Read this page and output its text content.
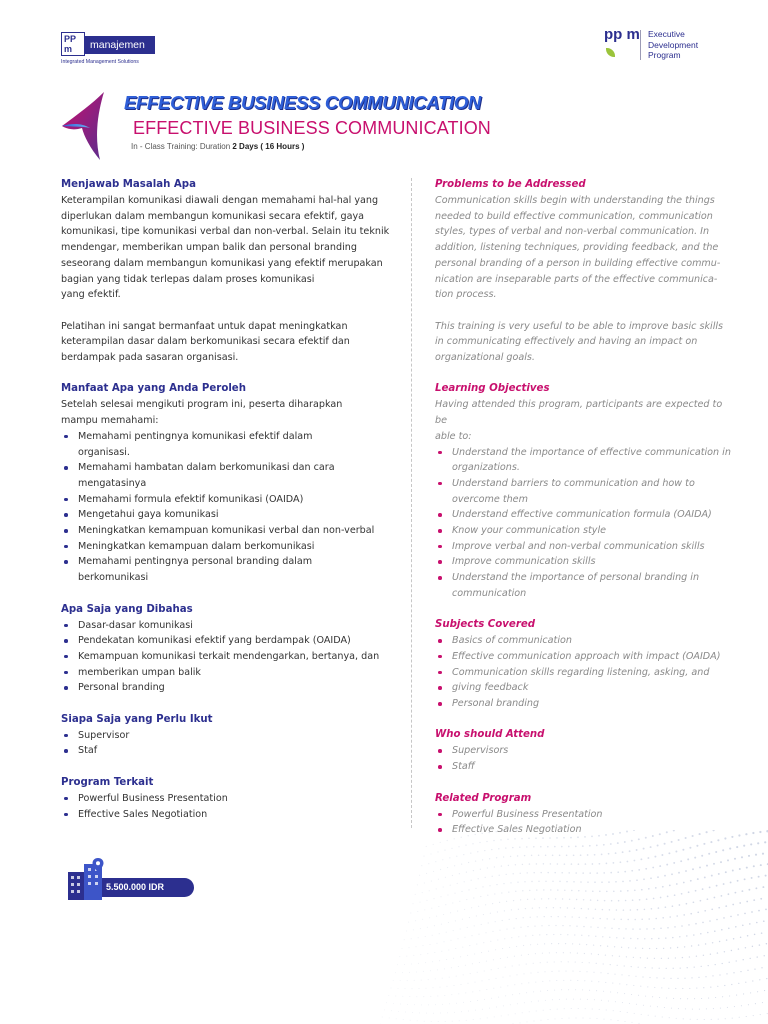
PP m	manajemen
Integrated Management Solutions
pp m Executive
Development
Program
EFFECTIVE BUSINESS COMMUNICATION
EFFECTIVE BUSINESS COMMUNICATION
In - Class Training: Duration 2 Days ( 16 Hours )
Menjawab Masalah Apa

Keterampilan komunikasi diawali dengan memahami hal-hal yang
diperlukan dalam membangun komunikasi secara efektif, gaya
komunikasi, tipe komunikasi verbal dan non-verbal. Selain itu teknik
mendengar, memberikan umpan balik dan personal branding
seseorang dalam membangun komunikasi yang efektif merupakan
bagian yang tidak terlepas dalam proses komunikasi
yang efektif.

Pelatihan ini sangat bermanfaat untuk dapat meningkatkan
keterampilan dasar dalam berkomunikasi secara efektif dan
berdampak pada sasaran organisasi.

Manfaat Apa yang Anda Peroleh

Setelah selesai mengikuti program ini, peserta diharapkan
mampu memahami:

Memahami pentingnya komunikasi efektif dalam
organisasi.
Memahami hambatan dalam berkomunikasi dan cara
mengatasinya
Memahami formula efektif komunikasi (OAIDA)
Mengetahui gaya komunikasi
Meningkatkan kemampuan komunikasi verbal dan non-verbal
Meningkatkan kemampuan dalam berkomunikasi
Memahami pentingnya personal branding dalam
berkomunikasi
Apa Saja yang Dibahas
Dasar-dasar komunikasi
Pendekatan komunikasi efektif yang berdampak (OAIDA)
Kemampuan komunikasi terkait mendengarkan, bertanya, dan
memberikan umpan balik
Personal branding
Siapa Saja yang Perlu Ikut
Supervisor
Staf
Program Terkait
Powerful Business Presentation
Effective Sales Negotiation
Problems to be Addressed

Communication skills begin with understanding the things
needed to build effective communication, communication
styles, types of verbal and non-verbal communication. In
addition, listening techniques, providing feedback, and the
personal branding of a person in building effective commu-
nication are inseparable parts of the effective communica-
tion process.

This training is very useful to be able to improve basic skills
in communicating effectively and having an impact on
organizational goals.

Learning Objectives

Having attended this program, participants are expected to be
able to:

Understand the importance of effective communication in
organizations.
Understand barriers to communication and how to
overcome them
Understand effective communication formula (OAIDA)
Know your communication style
Improve verbal and non-verbal communication skills
Improve communication skills
Understand the importance of personal branding in
communication
Subjects Covered
Basics of communication
Effective communication approach with impact (OAIDA)
Communication skills regarding listening, asking, and
giving feedback
Personal branding
Who should Attend
Supervisors
Staff
Related Program
Powerful Business Presentation
Effective Sales Negotiation
5.500.000 IDR
